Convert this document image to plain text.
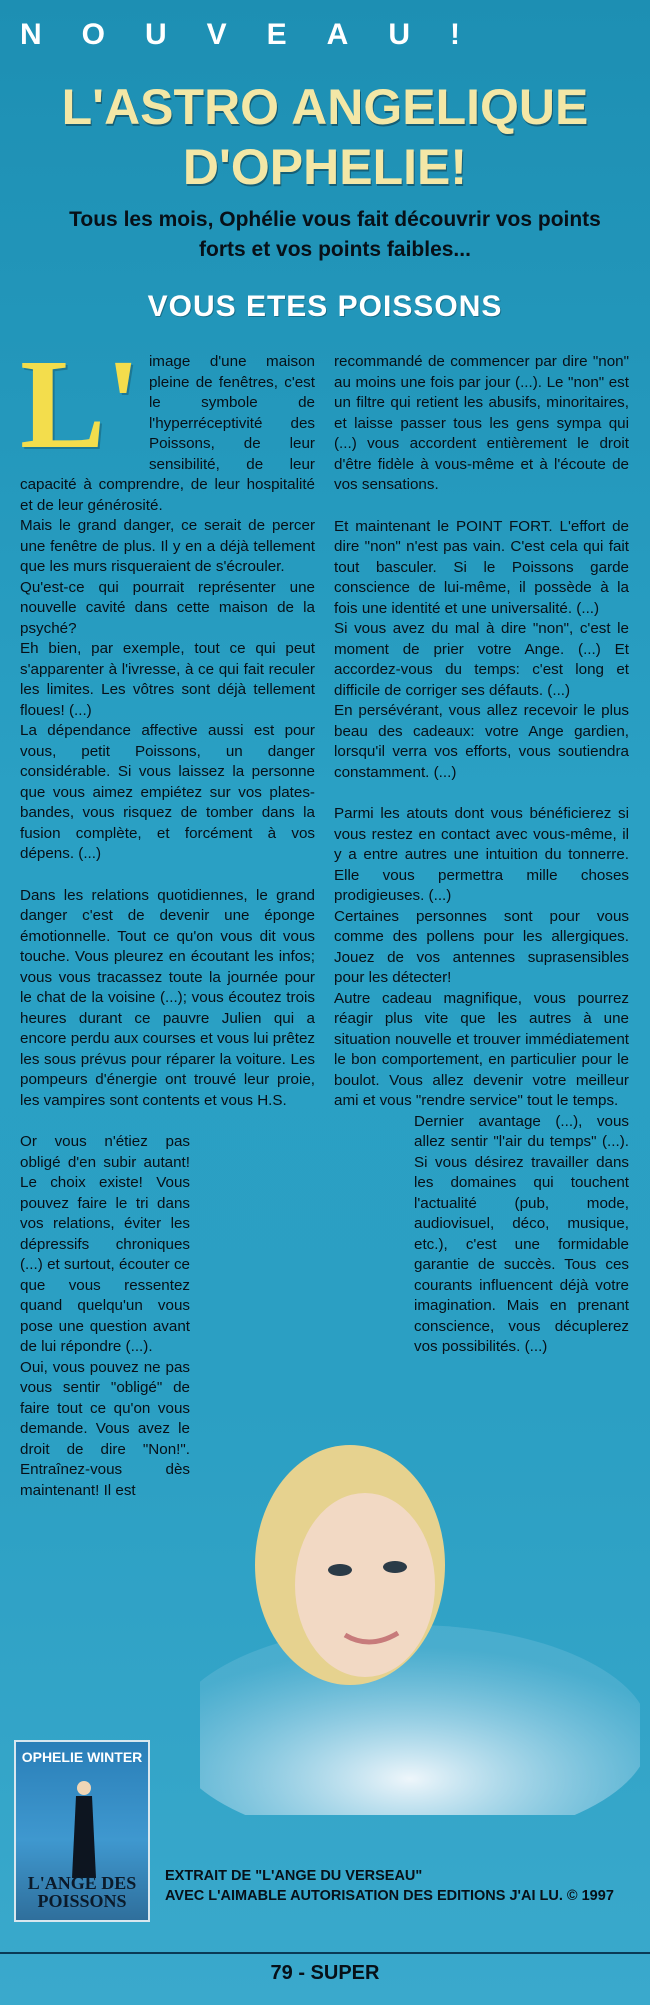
NOUVEAU!
L'ASTRO ANGELIQUE
D'OPHELIE!
Tous les mois, Ophélie vous fait découvrir vos points forts et vos points faibles...
VOUS ETES POISSONS
L' image d'une maison pleine de fenêtres, c'est le symbole de l'hyperréceptivité des Poissons, de leur sensibilité, de leur capacité à comprendre, de leur hospitalité et de leur générosité.

Mais le grand danger, ce serait de percer une fenêtre de plus. Il y en a déjà tellement que les murs risqueraient de s'écrouler.

Qu'est-ce qui pourrait représenter une nouvelle cavité dans cette maison de la psyché?

Eh bien, par exemple, tout ce qui peut s'apparenter à l'ivresse, à ce qui fait reculer les limites. Les vôtres sont déjà tellement floues! (...)

La dépendance affective aussi est pour vous, petit Poissons, un danger considérable. Si vous laissez la personne que vous aimez empiétez sur vos plates-bandes, vous risquez de tomber dans la fusion complète, et forcément à vos dépens. (...)

Dans les relations quotidiennes, le grand danger c'est de devenir une éponge émotionnelle. Tout ce qu'on vous dit vous touche. Vous pleurez en écoutant les infos; vous vous tracassez toute la journée pour le chat de la voisine (...); vous écoutez trois heures durant ce pauvre Julien qui a encore perdu aux courses et vous lui prêtez les sous prévus pour réparer la voiture. Les pompeurs d'énergie ont trouvé leur proie, les vampires sont contents et vous H.S.

Or vous n'étiez pas obligé d'en subir autant! Le choix existe! Vous pouvez faire le tri dans vos relations, éviter les dépressifs chroniques (...) et surtout, écouter ce que vous ressentez quand quelqu'un vous pose une question avant de lui répondre (...).

Oui, vous pouvez ne pas vous sentir "obligé" de faire tout ce qu'on vous demande. Vous avez le droit de dire "Non!". Entraînez-vous dès maintenant! Il est

recommandé de commencer par dire "non" au moins une fois par jour (...). Le "non" est un filtre qui retient les abusifs, minoritaires, et laisse passer tous les gens sympa qui (...) vous accordent entièrement le droit d'être fidèle à vous-même et à l'écoute de vos sensations.

Et maintenant le POINT FORT. L'effort de dire "non" n'est pas vain. C'est cela qui fait tout basculer. Si le Poissons garde conscience de lui-même, il possède à la fois une identité et une universalité. (...)

Si vous avez du mal à dire "non", c'est le moment de prier votre Ange. (...) Et accordez-vous du temps: c'est long et difficile de corriger ses défauts. (...)

En persévérant, vous allez recevoir le plus beau des cadeaux: votre Ange gardien, lorsqu'il verra vos efforts, vous soutiendra constamment. (...)

Parmi les atouts dont vous bénéficierez si vous restez en contact avec vous-même, il y a entre autres une intuition du tonnerre. Elle vous permettra mille choses prodigieuses. (...)

Certaines personnes sont pour vous comme des pollens pour les allergiques. Jouez de vos antennes suprasensibles pour les détecter!

Autre cadeau magnifique, vous pourrez réagir plus vite que les autres à une situation nouvelle et trouver immédiatement le bon comportement, en particulier pour le boulot. Vous allez devenir votre meilleur ami et vous "rendre service" tout le temps.

Dernier avantage (...), vous allez sentir "l'air du temps" (...). Si vous désirez travailler dans les domaines qui touchent l'actualité (pub, mode, audiovisuel, déco, musique, etc.), c'est une formidable garantie de succès. Tous ces courants influencent déjà votre imagination. Mais en prenant conscience, vous décuplerez vos possibilités. (...)

OPHELIE WINTER
L'ANGE DES POISSONS
EXTRAIT DE "L'ANGE DU VERSEAU"
AVEC L'AIMABLE AUTORISATION DES EDITIONS J'AI LU. © 1997
79 - SUPER
